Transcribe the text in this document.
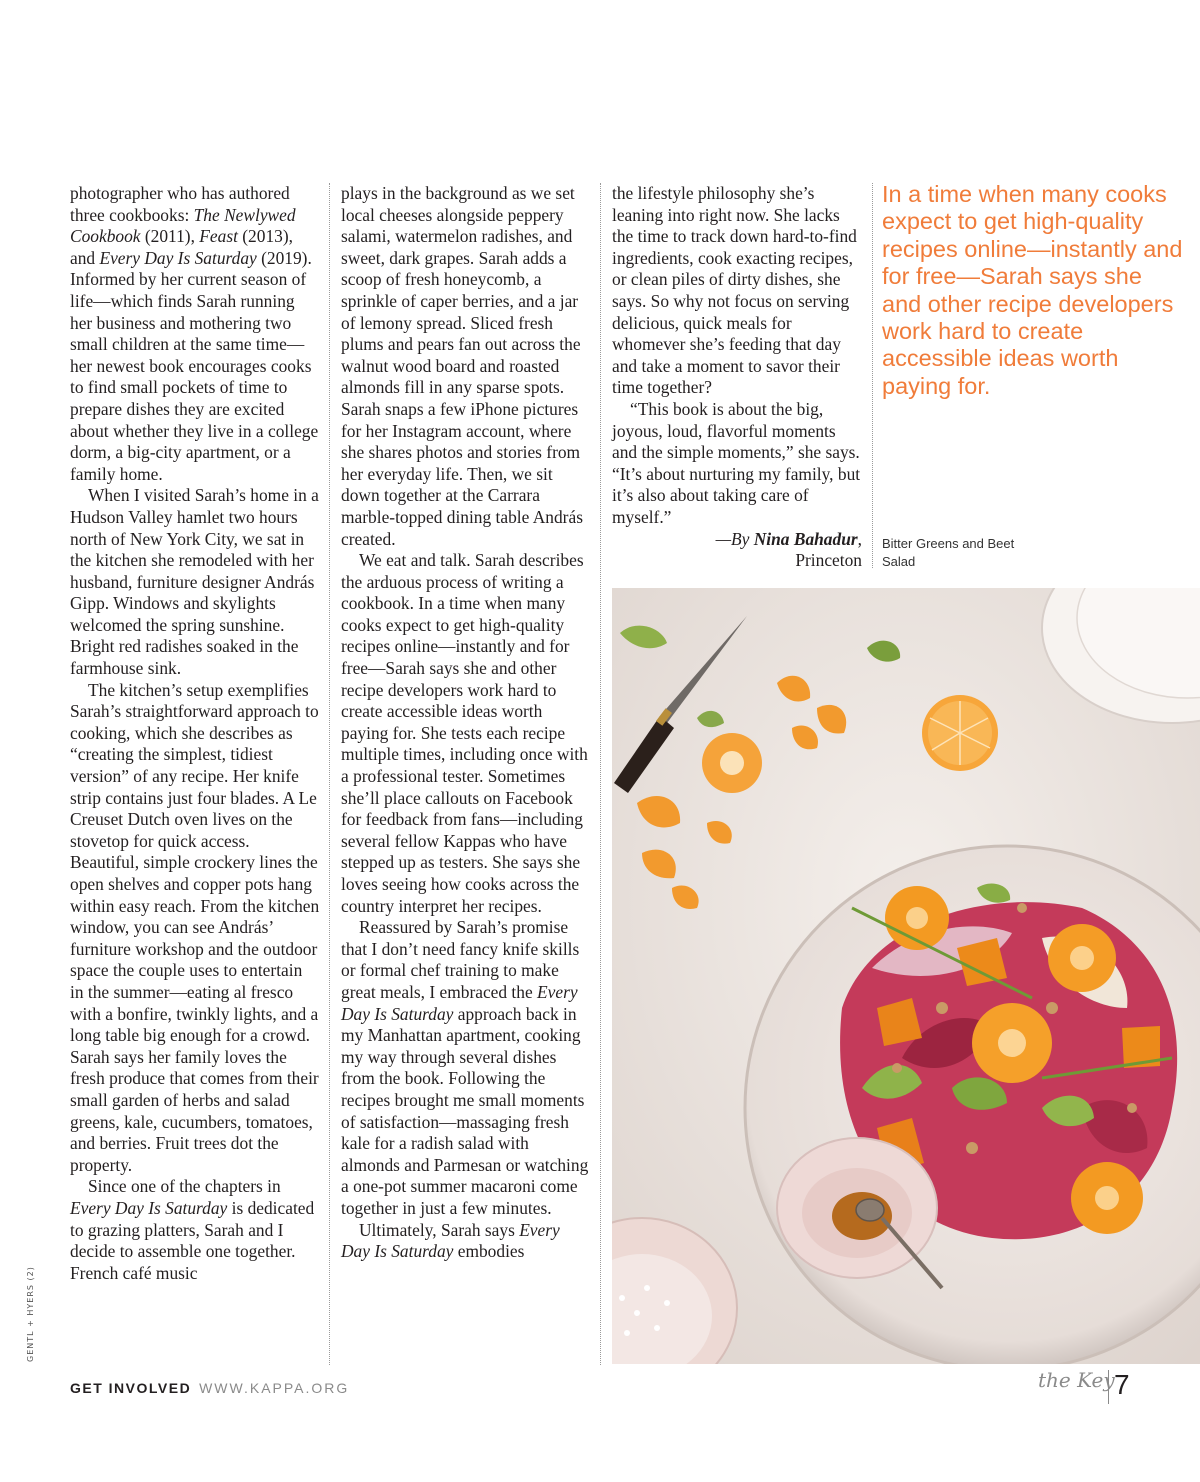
photographer who has authored three cookbooks: The Newlywed Cookbook (2011), Feast (2013), and Every Day Is Saturday (2019). Informed by her current season of life—which finds Sarah running her business and mothering two small children at the same time—her newest book encourages cooks to find small pockets of time to prepare dishes they are excited about whether they live in a college dorm, a big-city apartment, or a family home.

When I visited Sarah’s home in a Hudson Valley hamlet two hours north of New York City, we sat in the kitchen she remodeled with her husband, furniture designer András Gipp. Windows and skylights welcomed the spring sunshine. Bright red radishes soaked in the farmhouse sink.

The kitchen’s setup exemplifies Sarah’s straightforward approach to cooking, which she describes as “creating the simplest, tidiest version” of any recipe. Her knife strip contains just four blades. A Le Creuset Dutch oven lives on the stovetop for quick access. Beautiful, simple crockery lines the open shelves and copper pots hang within easy reach. From the kitchen window, you can see András’ furniture workshop and the outdoor space the couple uses to entertain in the summer—eating al fresco with a bonfire, twinkly lights, and a long table big enough for a crowd. Sarah says her family loves the fresh produce that comes from their small garden of herbs and salad greens, kale, cucumbers, tomatoes, and berries. Fruit trees dot the property.

Since one of the chapters in Every Day Is Saturday is dedicated to grazing platters, Sarah and I decide to assemble one together. French café music

plays in the background as we set local cheeses alongside peppery salami, watermelon radishes, and sweet, dark grapes. Sarah adds a scoop of fresh honeycomb, a sprinkle of caper berries, and a jar of lemony spread. Sliced fresh plums and pears fan out across the walnut wood board and roasted almonds fill in any sparse spots. Sarah snaps a few iPhone pictures for her Instagram account, where she shares photos and stories from her everyday life. Then, we sit down together at the Carrara marble-topped dining table András created.

We eat and talk. Sarah describes the arduous process of writing a cookbook. In a time when many cooks expect to get high-quality recipes online—instantly and for free—Sarah says she and other recipe developers work hard to create accessible ideas worth paying for. She tests each recipe multiple times, including once with a professional tester. Sometimes she’ll place callouts on Facebook for feedback from fans—including several fellow Kappas who have stepped up as testers. She says she loves seeing how cooks across the country interpret her recipes.

Reassured by Sarah’s promise that I don’t need fancy knife skills or formal chef training to make great meals, I embraced the Every Day Is Saturday approach back in my Manhattan apartment, cooking my way through several dishes from the book. Following the recipes brought me small moments of satisfaction—massaging fresh kale for a radish salad with almonds and Parmesan or watching a one-pot summer macaroni come together in just a few minutes.

Ultimately, Sarah says Every Day Is Saturday embodies

the lifestyle philosophy she’s leaning into right now. She lacks the time to track down hard-to-find ingredients, cook exacting recipes, or clean piles of dirty dishes, she says. So why not focus on serving delicious, quick meals for whomever she’s feeding that day and take a moment to savor their time together?

“This book is about the big, joyous, loud, flavorful moments and the simple moments,” she says. “It’s about nurturing my family, but it’s also about taking care of myself.”

—By Nina Bahadur,
Princeton

In a time when many cooks expect to get high-quality recipes online—instantly and for free—Sarah says she and other recipe developers work hard to create accessible ideas worth paying for.

Bitter Greens and Beet Salad
GENTL + HYERS (2)
GET INVOLVED WWW.KAPPA.ORG	the Key 7
